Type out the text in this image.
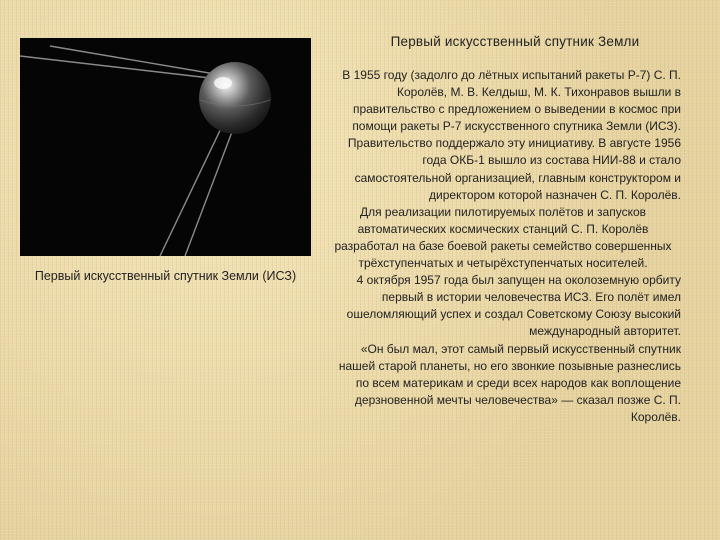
Первый искусственный спутник Земли (ИСЗ)
Первый искусственный спутник Земли

В 1955 году (задолго до лётных испытаний ракеты Р-7) С. П. Королёв, М. В. Келдыш, М. К. Тихонравов вышли в правительство с предложением о выведении в космос при помощи ракеты Р-7 искусственного спутника Земли (ИСЗ). Правительство поддержало эту инициативу. В августе 1956 года ОКБ-1 вышло из состава НИИ-88 и стало самостоятельной организацией, главным конструктором и директором которой назначен С. П. Королёв.

Для реализации пилотируемых полётов и запусков автоматических космических станций С. П. Королёв разработал на базе боевой ракеты семейство совершенных трёхступенчатых и четырёхступенчатых носителей.

4 октября 1957 года был запущен на околоземную орбиту первый в истории человечества ИСЗ. Его полёт имел ошеломляющий успех и создал Советскому Союзу высокий международный авторитет.

«Он был мал, этот самый первый искусственный спутник нашей старой планеты, но его звонкие позывные разнеслись по всем материкам и среди всех народов как воплощение дерзновенной мечты человечества» — сказал позже С. П. Королёв.
